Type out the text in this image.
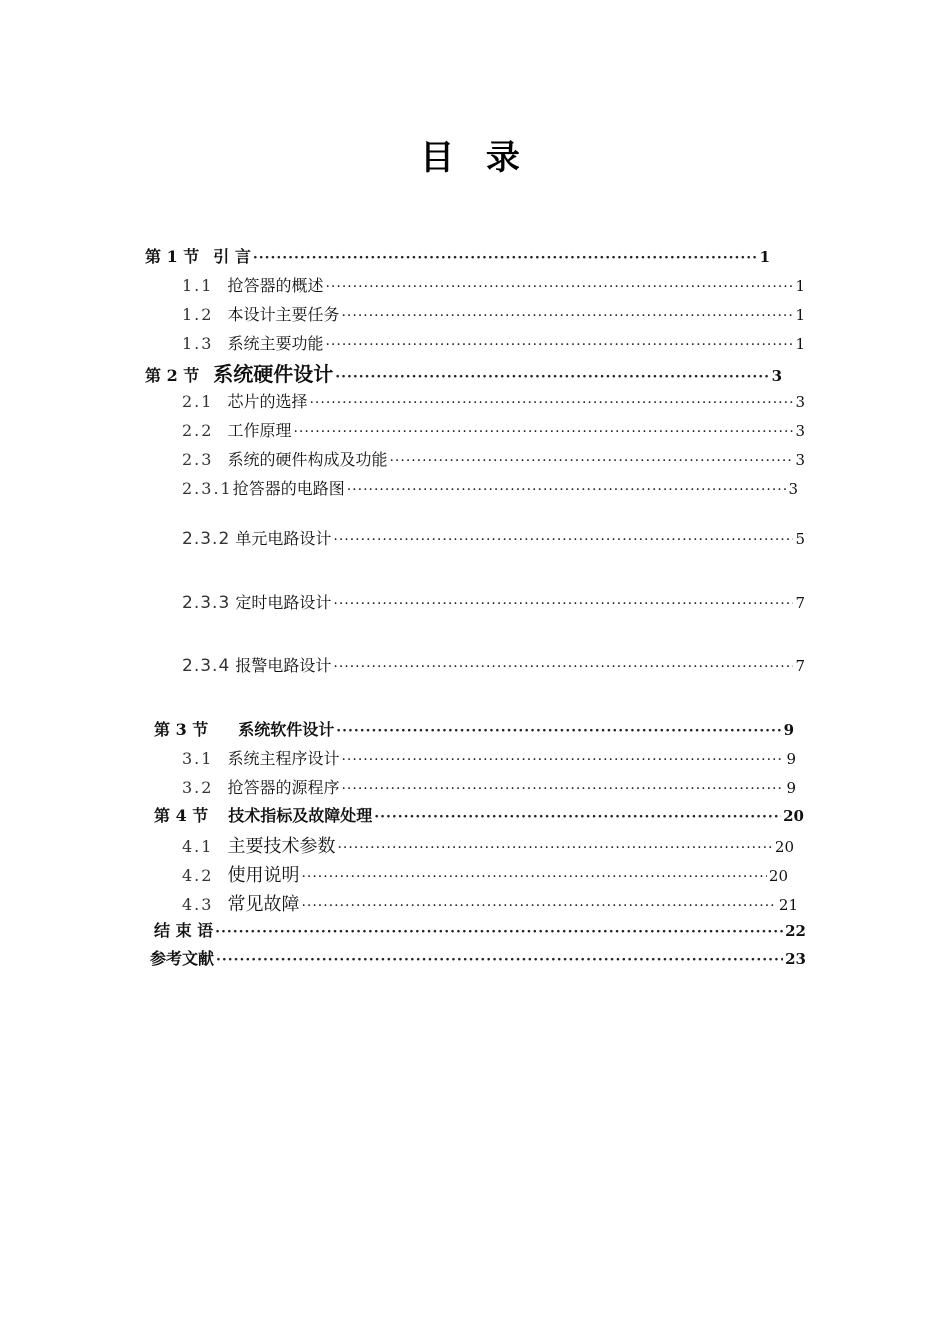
目 录
第 1 节 引 言 ·····	1
1.1 抢答器的概述 ·····	1
1.2 本设计主要任务 ·····	1
1.3 系统主要功能 ·····	1
第 2 节 系统硬件设计 ·····	3
2.1 芯片的选择 ·····	3
2.2 工作原理 ·····	3
2.3 系统的硬件构成及功能 ·····	3
2.3.1抢答器的电路图 ·····	3
2.3.2 单元电路设计 ·····	5
2.3.3 定时电路设计 ·····	7
2.3.4 报警电路设计 ·····	7
第 3 节 系统软件设计 ·····	9
3.1 系统主程序设计 ·····	9
3.2 抢答器的源程序 ·····	9
第 4 节 技术指标及故障处理 ·····	20
4.1 主要技术参数 ·····	20
4.2 使用说明 ·····	20
4.3 常见故障 ·····	21
结 束 语 ·····	22
参考文献 ·····	23
